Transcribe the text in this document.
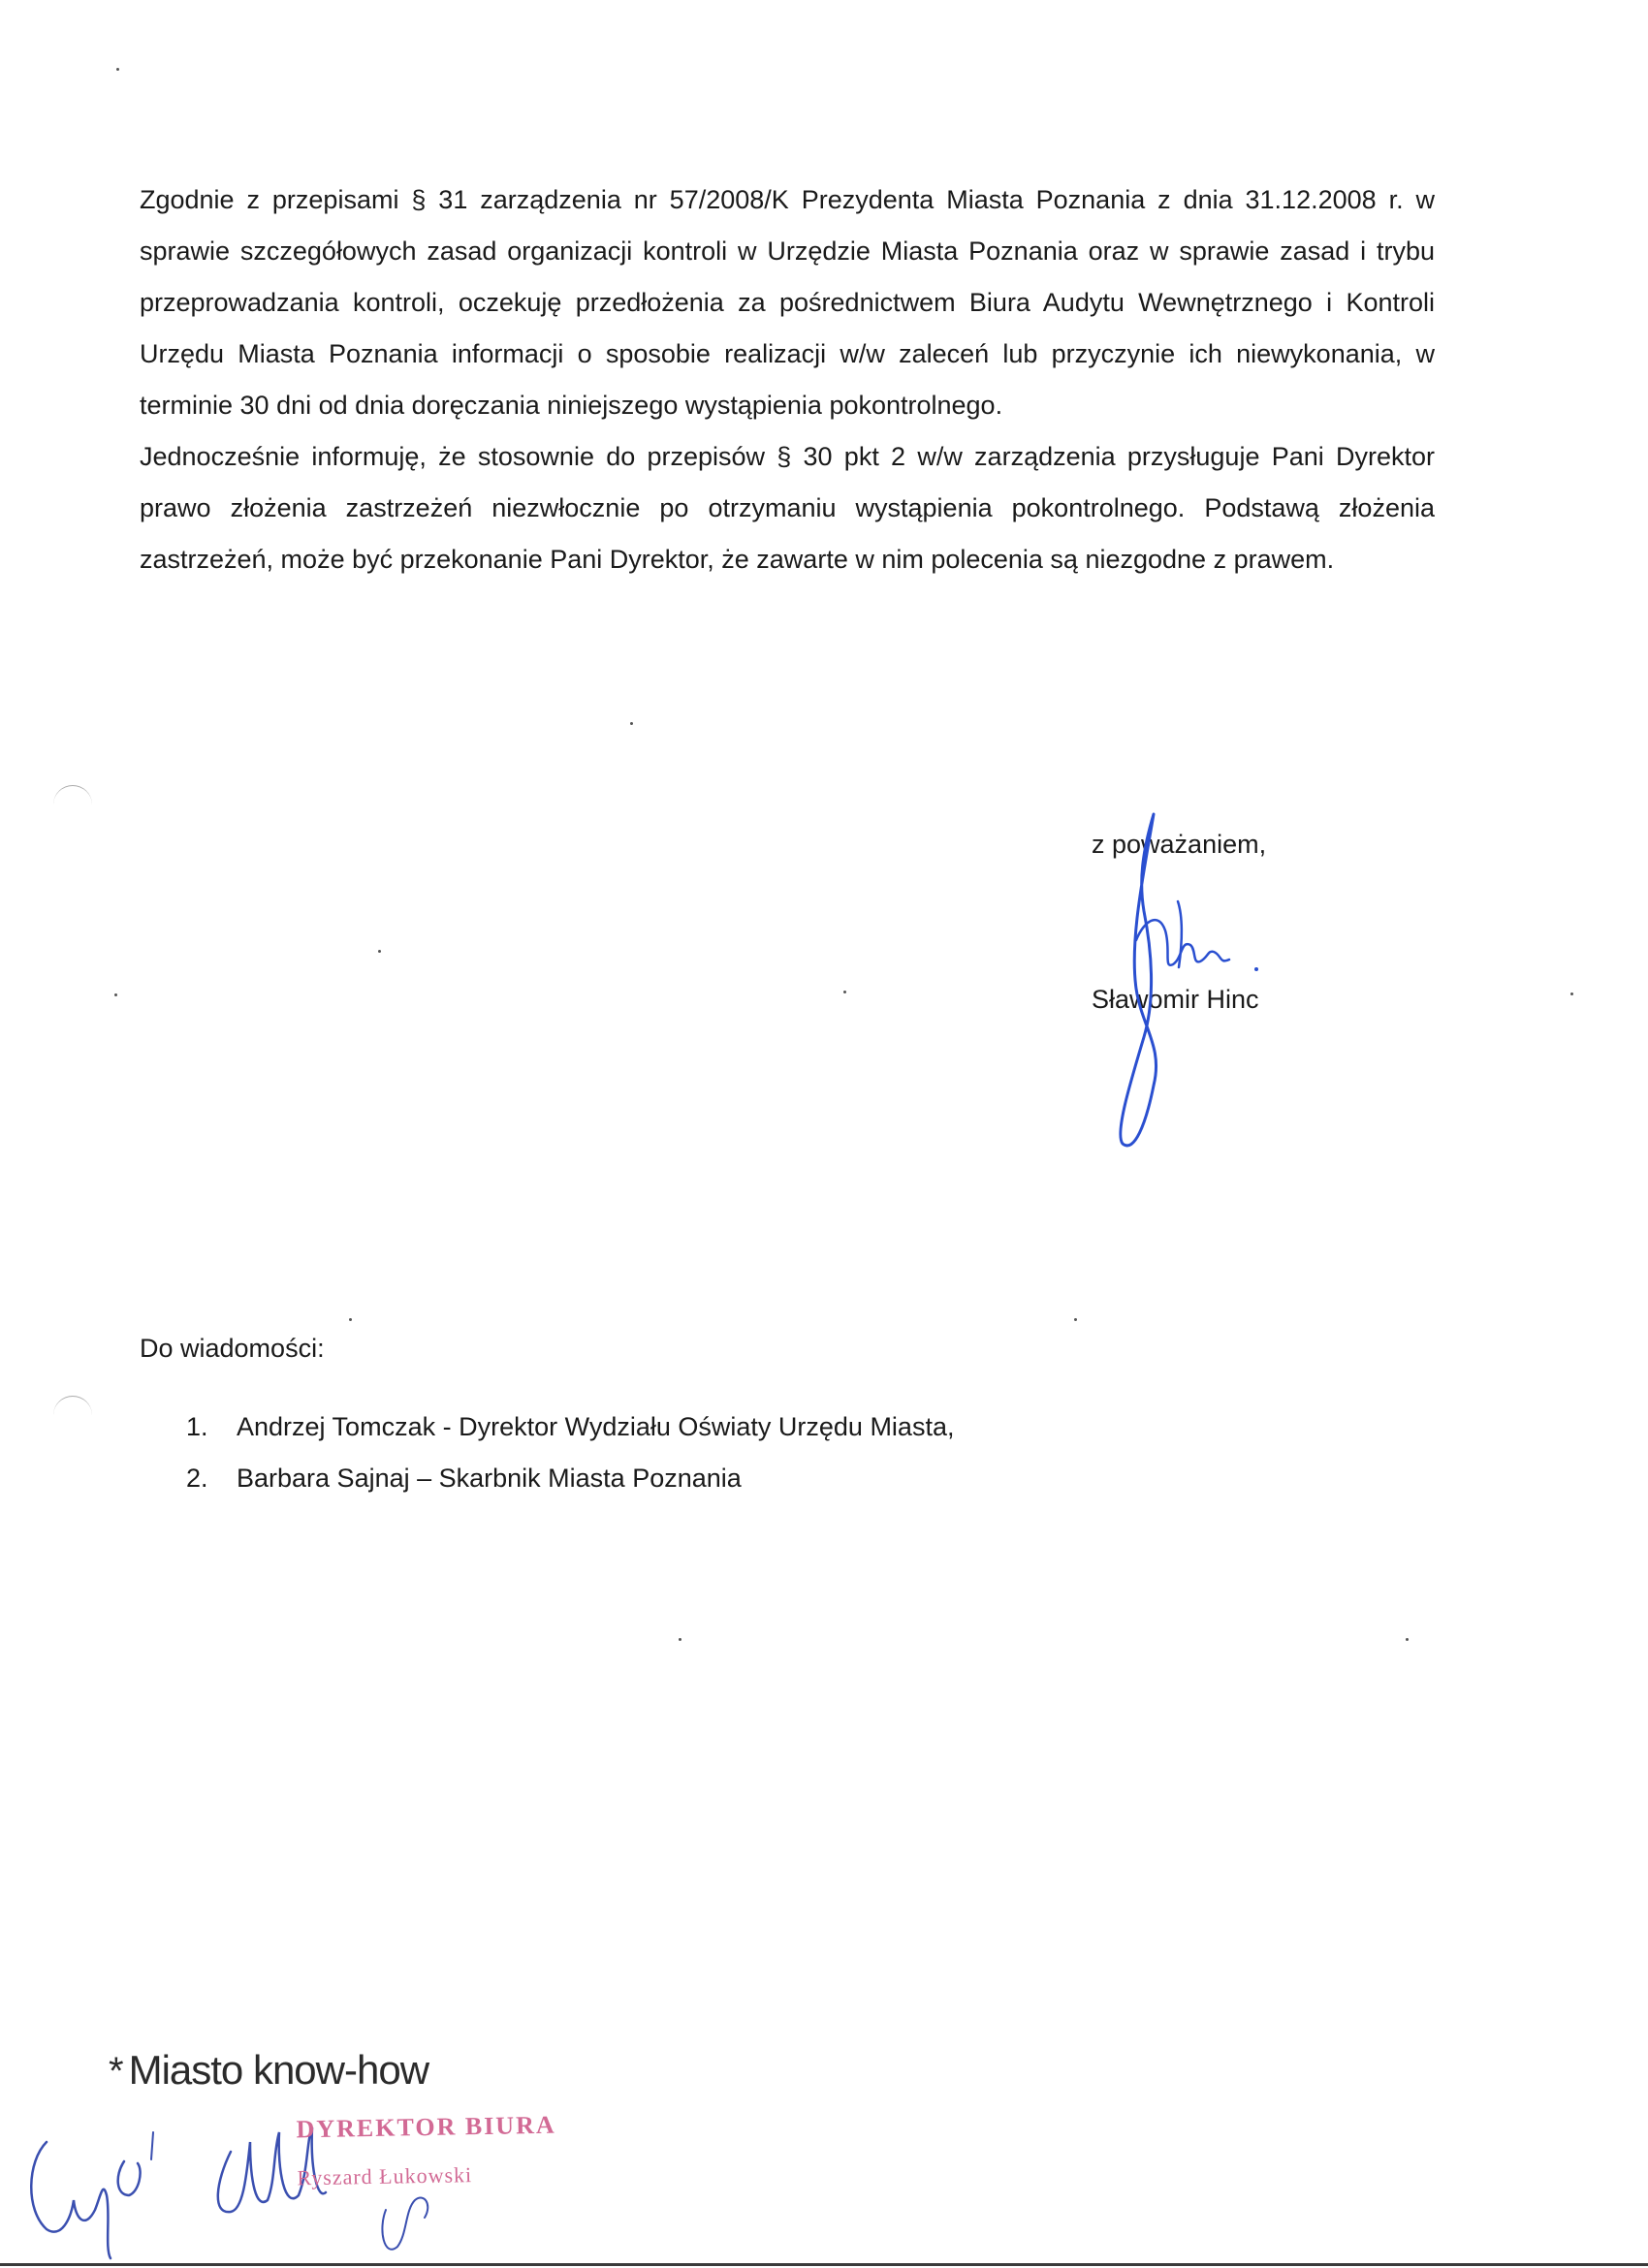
Zgodnie z przepisami § 31 zarządzenia nr 57/2008/K Prezydenta Miasta Poznania z dnia 31.12.2008 r. w sprawie szczegółowych zasad organizacji kontroli w Urzędzie Miasta Poznania oraz w sprawie zasad i trybu przeprowadzania kontroli, oczekuję przedłożenia za pośrednictwem Biura Audytu Wewnętrznego i Kontroli Urzędu Miasta Poznania informacji o sposobie realizacji w/w zaleceń lub przyczynie ich niewykonania, w terminie 30 dni od dnia doręczania niniejszego wystąpienia pokontrolnego.

Jednocześnie informuję, że stosownie do przepisów § 30 pkt 2 w/w zarządzenia przysługuje Pani Dyrektor prawo złożenia zastrzeżeń niezwłocznie po otrzymaniu wystąpienia pokontrolnego. Podstawą złożenia zastrzeżeń, może być przekonanie Pani Dyrektor, że zawarte w nim polecenia są niezgodne z prawem.

z poważaniem,
Sławomir Hinc
Do wiadomości:
1.	Andrzej Tomczak - Dyrektor Wydziału Oświaty Urzędu Miasta,
2.	Barbara Sajnaj – Skarbnik Miasta Poznania
* Miasto know-how
DYREKTOR BIURA
Ryszard Łukowski
